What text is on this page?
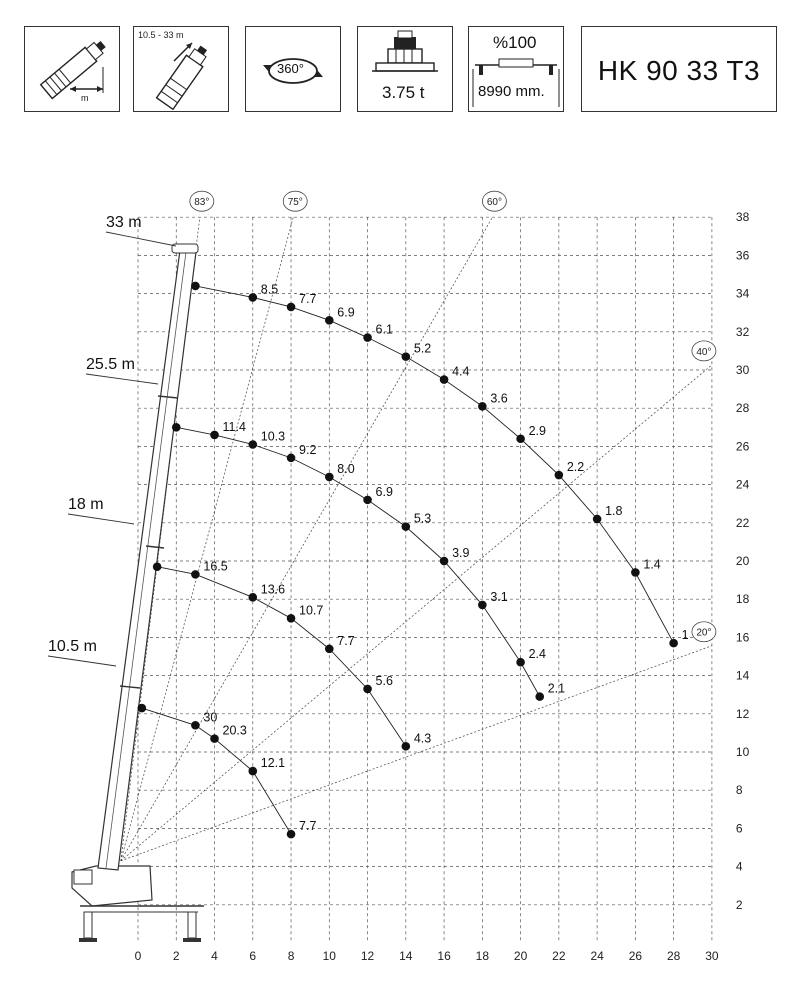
m
10.5 - 33 m
360°
3.75 t
%100
8990 mm.
HK 90 33 T3
83°	75°	60°
40°
20°
33 m
25.5 m
18 m
10.5 m
8.5
7.7
6.9
6.1
5.2
4.4
3.6
2.9
2.2
1.8
1.4
1
11.4
10.3
9.2
8.0
6.9
5.3
3.9
3.1
2.4
2.1
16.5
13.6
10.7
7.7
5.6
4.3
30
20.3
12.1
7.7
0	2	4	6	8 10 12 14 16 18 20 22 24 26 28 30
2
4
6
8
10
12
14
16
18
20
22
24
26
28
30
32
34
36
38
